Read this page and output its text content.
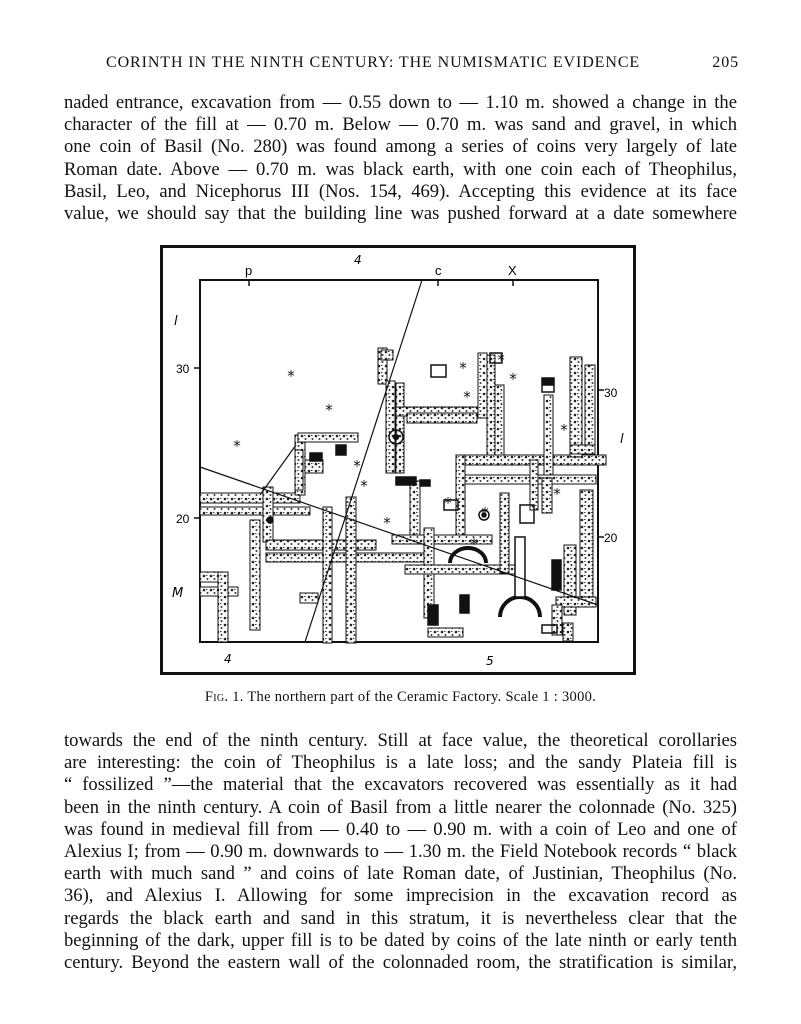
CORINTH IN THE NINTH CENTURY: THE NUMISMATIC EVIDENCE	205

naded entrance, excavation from — 0.55 down to — 1.10 m. showed a change in the
character of the fill at — 0.70 m. Below — 0.70 m. was sand and gravel, in which
one coin of Basil (No. 280) was found among a series of coins very largely of late
Roman date. Above — 0.70 m. was black earth, with one coin each of Theophilus,
Basil, Leo, and Nicephorus III (Nos. 154, 469). Accepting this evidence at its face
value, we should say that the building line was pushed forward at a date somewhere

4
p	c	X
l
l
M
30
20
30
20
4	5
*
*
*
*
*
*
* *
*
*
*
*
*
*
*
Fig. 1. The northern part of the Ceramic Factory. Scale 1 : 3000.

towards the end of the ninth century. Still at face value, the theoretical corollaries
are interesting: the coin of Theophilus is a late loss; and the sandy Plateia fill is
“ fossilized ”—the material that the excavators recovered was essentially as it had
been in the ninth century. A coin of Basil from a little nearer the colonnade (No. 325)
was found in medieval fill from — 0.40 to — 0.90 m. with a coin of Leo and one of
Alexius I; from — 0.90 m. downwards to — 1.30 m. the Field Notebook records “ black
earth with much sand ” and coins of late Roman date, of Justinian, Theophilus (No.
36), and Alexius I. Allowing for some imprecision in the excavation record as
regards the black earth and sand in this stratum, it is nevertheless clear that the
beginning of the dark, upper fill is to be dated by coins of the late ninth or early tenth
century. Beyond the eastern wall of the colonnaded room, the stratification is similar,
